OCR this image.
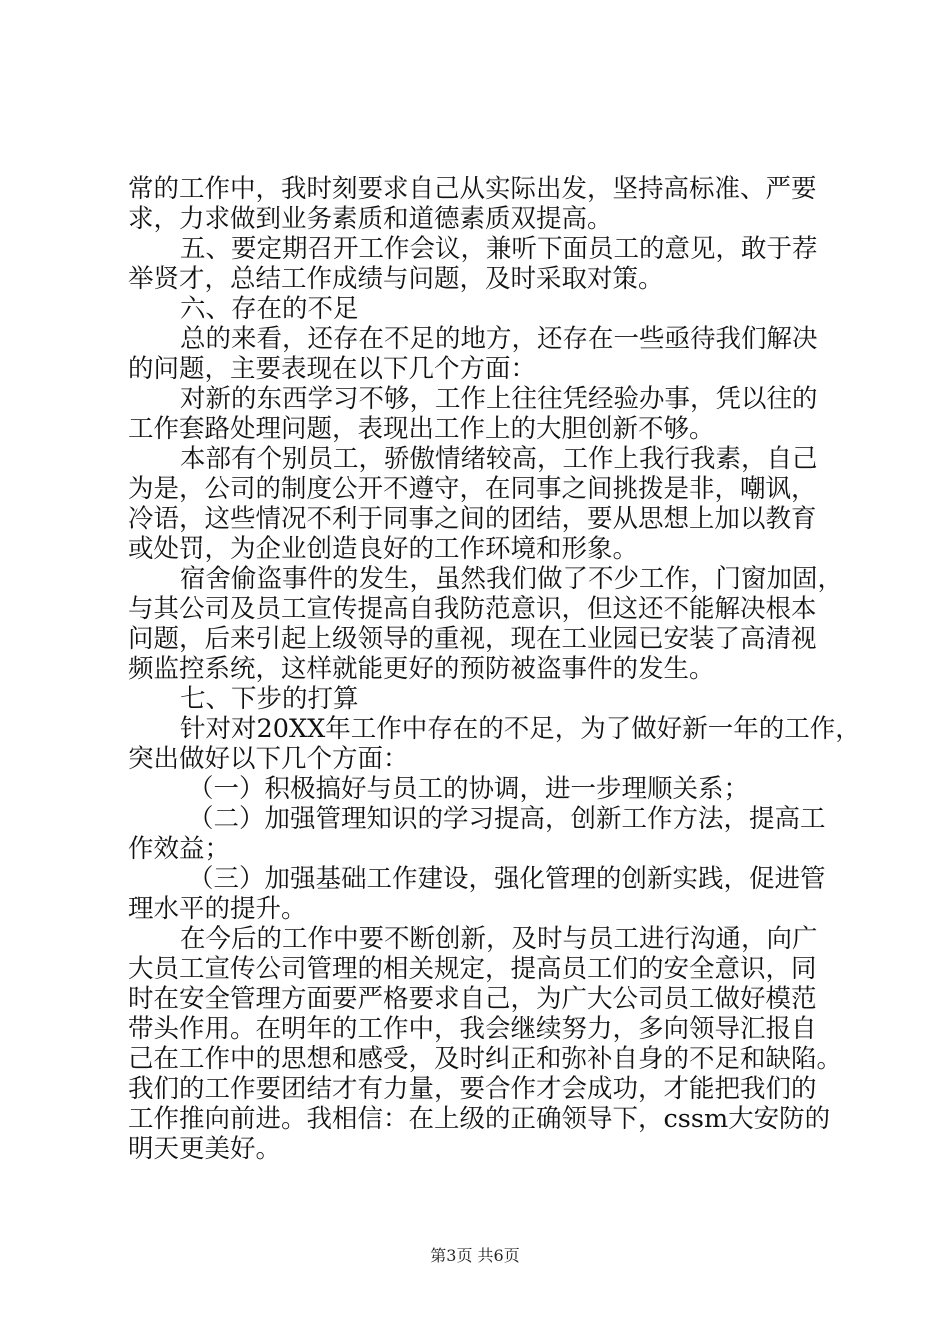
常的工作中，我时刻要求自己从实际出发，坚持高标准、严要
求，力求做到业务素质和道德素质双提高。
五、要定期召开工作会议，兼听下面员工的意见，敢于荐
举贤才，总结工作成绩与问题，及时采取对策。
六、存在的不足
总的来看，还存在不足的地方，还存在一些亟待我们解决
的问题，主要表现在以下几个方面：
对新的东西学习不够，工作上往往凭经验办事，凭以往的
工作套路处理问题，表现出工作上的大胆创新不够。
本部有个别员工，骄傲情绪较高，工作上我行我素，自己
为是，公司的制度公开不遵守，在同事之间挑拨是非，嘲讽，
冷语，这些情况不利于同事之间的团结，要从思想上加以教育
或处罚，为企业创造良好的工作环境和形象。
宿舍偷盗事件的发生，虽然我们做了不少工作，门窗加固，
与其公司及员工宣传提高自我防范意识，但这还不能解决根本
问题，后来引起上级领导的重视，现在工业园已安装了高清视
频监控系统，这样就能更好的预防被盗事件的发生。
七、下步的打算
针对对20XX年工作中存在的不足，为了做好新一年的工作，
突出做好以下几个方面：
（一）积极搞好与员工的协调，进一步理顺关系；
（二）加强管理知识的学习提高，创新工作方法，提高工
作效益；
（三）加强基础工作建设，强化管理的创新实践，促进管
理水平的提升。
在今后的工作中要不断创新，及时与员工进行沟通，向广
大员工宣传公司管理的相关规定，提高员工们的安全意识，同
时在安全管理方面要严格要求自己，为广大公司员工做好模范
带头作用。在明年的工作中，我会继续努力，多向领导汇报自
己在工作中的思想和感受，及时纠正和弥补自身的不足和缺陷。
我们的工作要团结才有力量，要合作才会成功，才能把我们的
工作推向前进。我相信：在上级的正确领导下，cssm大安防的
明天更美好。
第3页 共6页
